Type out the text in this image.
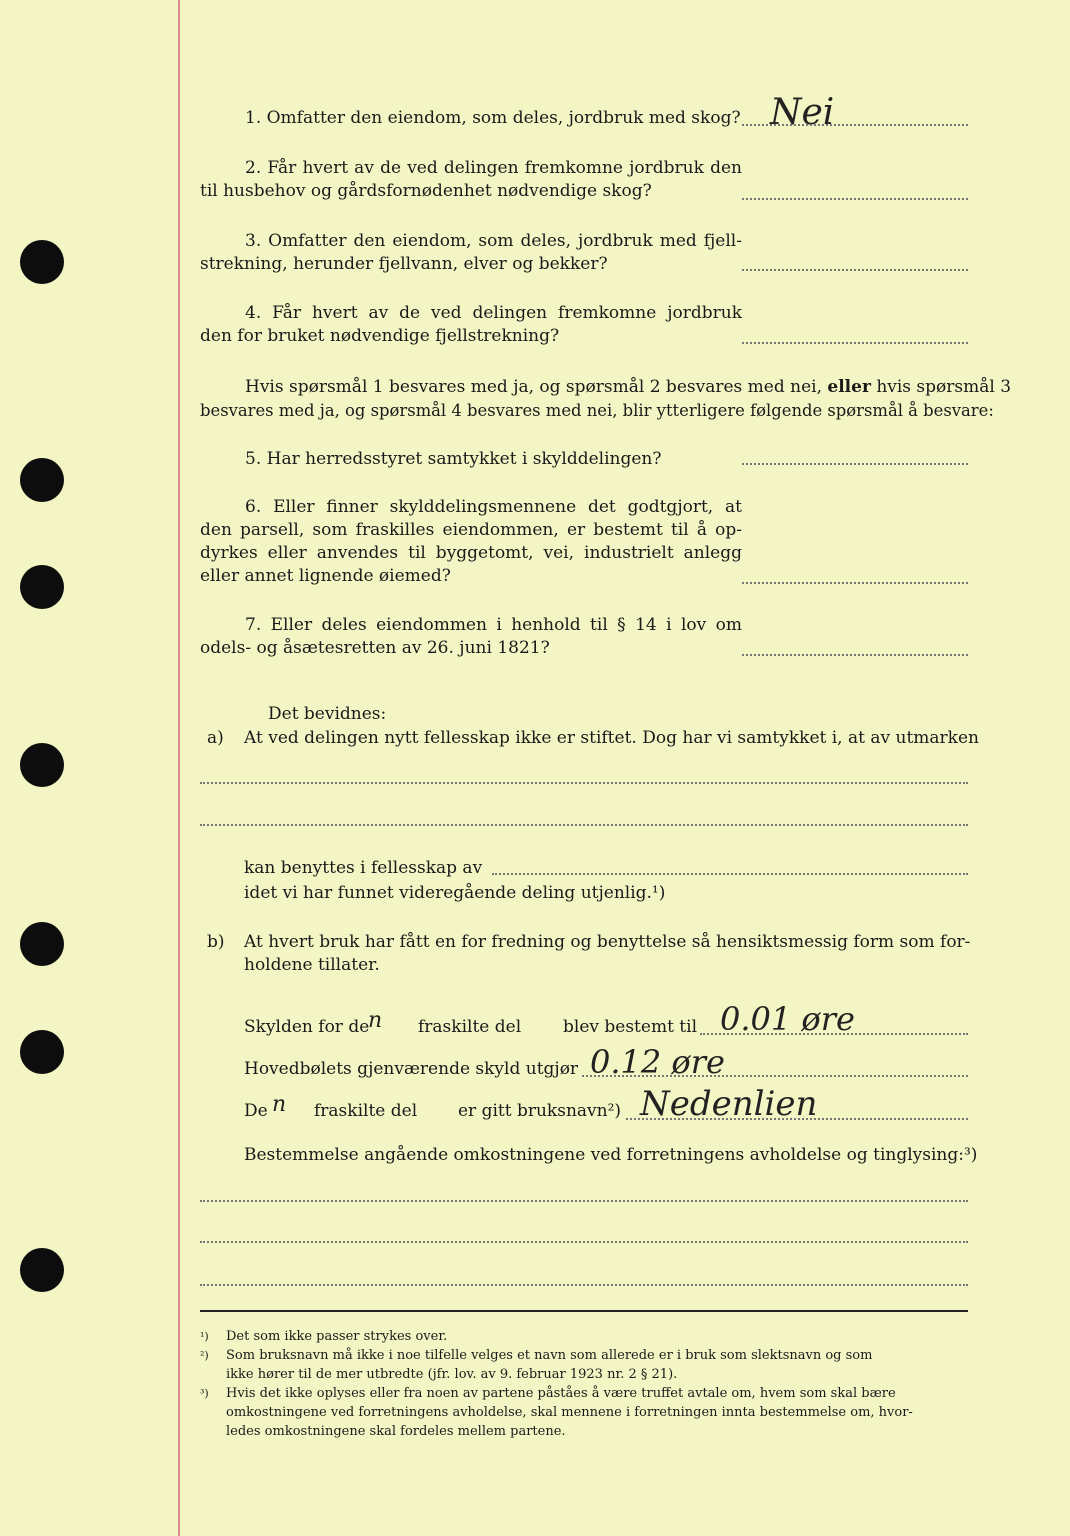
1. Omfatter den eiendom, som deles, jordbruk med skog? Nei
2. Får hvert av de ved delingen fremkomne jordbruk den
til husbehov og gårdsfornødenhet nødvendige skog?
3. Omfatter den eiendom, som deles, jordbruk med fjell-
strekning, herunder fjellvann, elver og bekker?
4. Får hvert av de ved delingen fremkomne jordbruk
den for bruket nødvendige fjellstrekning?
Hvis spørsmål 1 besvares med ja, og spørsmål 2 besvares med nei, eller hvis spørsmål 3
besvares med ja, og spørsmål 4 besvares med nei, blir ytterligere følgende spørsmål å besvare:
5. Har herredsstyret samtykket i skylddelingen?
6. Eller finner skylddelingsmennene det godtgjort, at
den parsell, som fraskilles eiendommen, er bestemt til å op-
dyrkes eller anvendes til byggetomt, vei, industrielt anlegg
eller annet lignende øiemed?
7. Eller deles eiendommen i henhold til § 14 i lov om
odels- og åsætesretten av 26. juni 1821?
Det bevidnes:
a) At ved delingen nytt fellesskap ikke er stiftet. Dog har vi samtykket i, at av utmarken
kan benyttes i fellesskap av
idet vi har funnet videregående deling utjenlig.¹)
b) At hvert bruk har fått en for fredning og benyttelse så hensiktsmessig form som for-
holdene tillater.
Skylden for de
n fraskilte del blev bestemt til 0.01 øre
Hovedbølets gjenværende skyld utgjør 0.12 øre
De n fraskilte del er gitt bruksnavn²) Nedenlien
Bestemmelse angående omkostningene ved forretningens avholdelse og tinglysing:³)
¹) Det som ikke passer strykes over.
²) Som bruksnavn må ikke i noe tilfelle velges et navn som allerede er i bruk som slektsnavn og som
ikke hører til de mer utbredte (jfr. lov. av 9. februar 1923 nr. 2 § 21).
³) Hvis det ikke oplyses eller fra noen av partene påståes å være truffet avtale om, hvem som skal bære
omkostningene ved forretningens avholdelse, skal mennene i forretningen innta bestemmelse om, hvor-
ledes omkostningene skal fordeles mellem partene.
